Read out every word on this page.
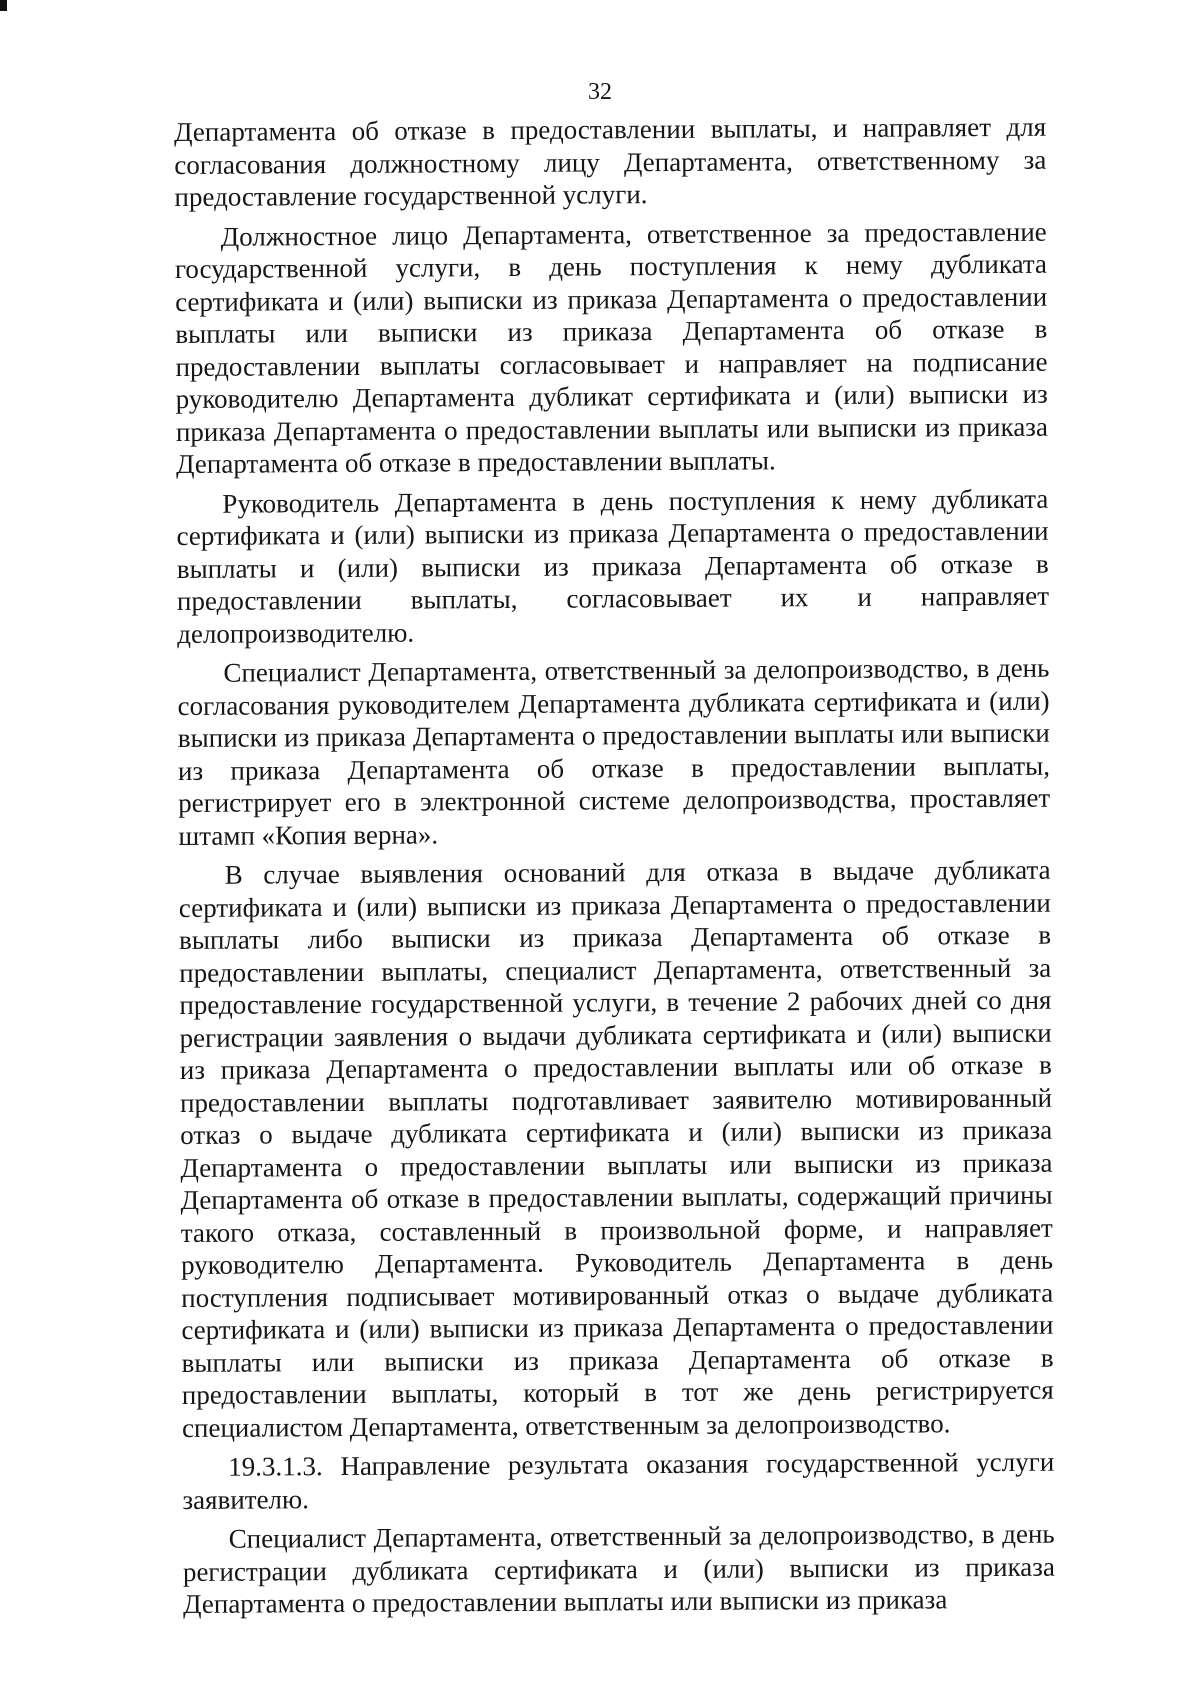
32

Департамента об отказе в предоставлении выплаты, и направляет для согласования должностному лицу Департамента, ответственному за предоставление государственной услуги.

Должностное лицо Департамента, ответственное за предоставление государственной услуги, в день поступления к нему дубликата сертификата и (или) выписки из приказа Департамента о предоставлении выплаты или выписки из приказа Департамента об отказе в предоставлении выплаты согласовывает и направляет на подписание руководителю Департамента дубликат сертификата и (или) выписки из приказа Департамента о предоставлении выплаты или выписки из приказа Департамента об отказе в предоставлении выплаты.

Руководитель Департамента в день поступления к нему дубликата сертификата и (или) выписки из приказа Департамента о предоставлении выплаты и (или) выписки из приказа Департамента об отказе в предоставлении выплаты, согласовывает их и направляет делопроизводителю.

Специалист Департамента, ответственный за делопроизводство, в день согласования руководителем Департамента дубликата сертификата и (или) выписки из приказа Департамента о предоставлении выплаты или выписки из приказа Департамента об отказе в предоставлении выплаты, регистрирует его в электронной системе делопроизводства, проставляет штамп «Копия верна».

В случае выявления оснований для отказа в выдаче дубликата сертификата и (или) выписки из приказа Департамента о предоставлении выплаты либо выписки из приказа Департамента об отказе в предоставлении выплаты, специалист Департамента, ответственный за предоставление государственной услуги, в течение 2 рабочих дней со дня регистрации заявления о выдачи дубликата сертификата и (или) выписки из приказа Департамента о предоставлении выплаты или об отказе в предоставлении выплаты подготавливает заявителю мотивированный отказ о выдаче дубликата сертификата и (или) выписки из приказа Департамента о предоставлении выплаты или выписки из приказа Департамента об отказе в предоставлении выплаты, содержащий причины такого отказа, составленный в произвольной форме, и направляет руководителю Департамента. Руководитель Департамента в день поступления подписывает мотивированный отказ о выдаче дубликата сертификата и (или) выписки из приказа Департамента о предоставлении выплаты или выписки из приказа Департамента об отказе в предоставлении выплаты, который в тот же день регистрируется специалистом Департамента, ответственным за делопроизводство.

19.3.1.3. Направление результата оказания государственной услуги заявителю.

Специалист Департамента, ответственный за делопроизводство, в день регистрации дубликата сертификата и (или) выписки из приказа Департамента о предоставлении выплаты или выписки из приказа
